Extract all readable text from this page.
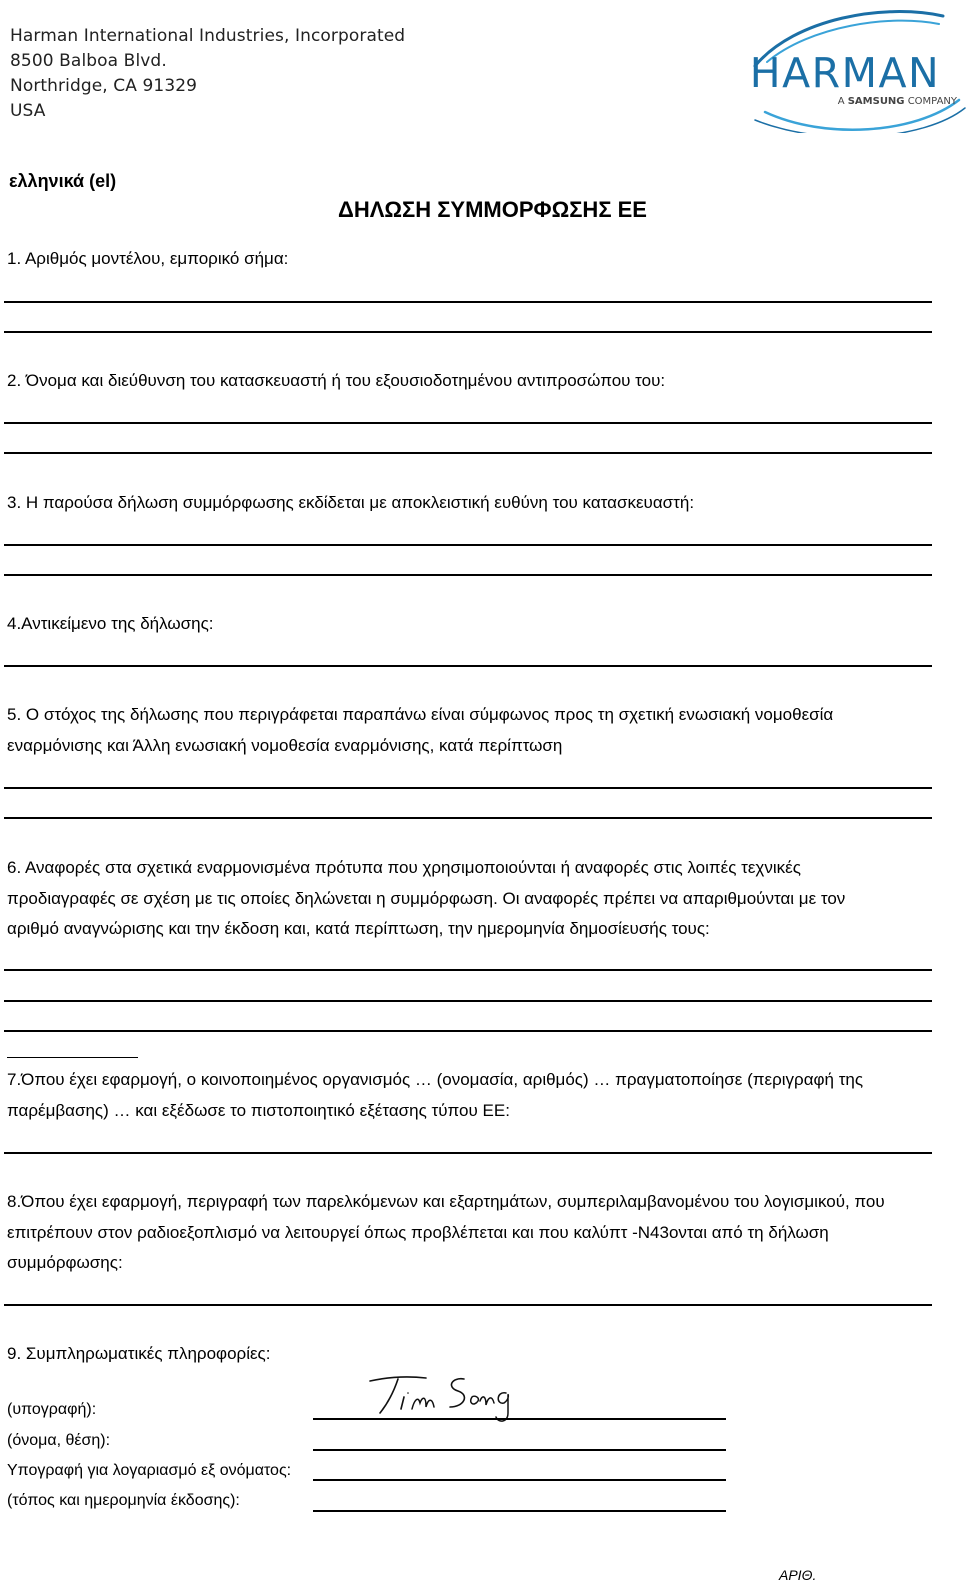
Harman International Industries, Incorporated
8500 Balboa Blvd.
Northridge, CA 91329
USA
HARMAN
A SAMSUNG COMPANY
ελληνικά (el)
ΔΗΛΩΣΗ ΣΥΜΜΟΡΦΩΣΗΣ ΕΕ
1. Αριθμός μοντέλου, εμπορικό σήμα:
2. Όνομα και διεύθυνση του κατασκευαστή ή του εξουσιοδοτημένου αντιπροσώπου του:
3. Η παρούσα δήλωση συμμόρφωσης εκδίδεται με αποκλειστική ευθύνη του κατασκευαστή:
4.Αντικείμενο της δήλωσης:
5. Ο στόχος της δήλωσης που περιγράφεται παραπάνω είναι σύμφωνος προς τη σχετική ενωσιακή νομοθεσία εναρμόνισης και Άλλη ενωσιακή νομοθεσία εναρμόνισης, κατά περίπτωση
6. Αναφορές στα σχετικά εναρμονισμένα πρότυπα που χρησιμοποιούνται ή αναφορές στις λοιπές τεχνικές προδιαγραφές σε σχέση με τις οποίες δηλώνεται η συμμόρφωση. Οι αναφορές πρέπει να απαριθμούνται με τον αριθμό αναγνώρισης και την έκδοση και, κατά περίπτωση, την ημερομηνία δημοσίευσής τους:
7.Όπου έχει εφαρμογή, ο κοινοποιημένος οργανισμός … (ονομασία, αριθμός) … πραγματοποίησε (περιγραφή της παρέμβασης) … και εξέδωσε το πιστοποιητικό εξέτασης τύπου ΕΕ:
8.Όπου έχει εφαρμογή, περιγραφή των παρελκόμενων και εξαρτημάτων, συμπεριλαμβανομένου του λογισμικού, που επιτρέπουν στον ραδιοεξοπλισμό να λειτουργεί όπως προβλέπεται και που καλύπτ -N43ονται από τη δήλωση συμμόρφωσης:
9. Συμπληρωματικές πληροφορίες:
(υπογραφή):
(όνομα, θέση):
Υπογραφή για λογαριασμό εξ ονόματος:
(τόπος και ημερομηνία έκδοσης):
ΑΡΙΘ.
